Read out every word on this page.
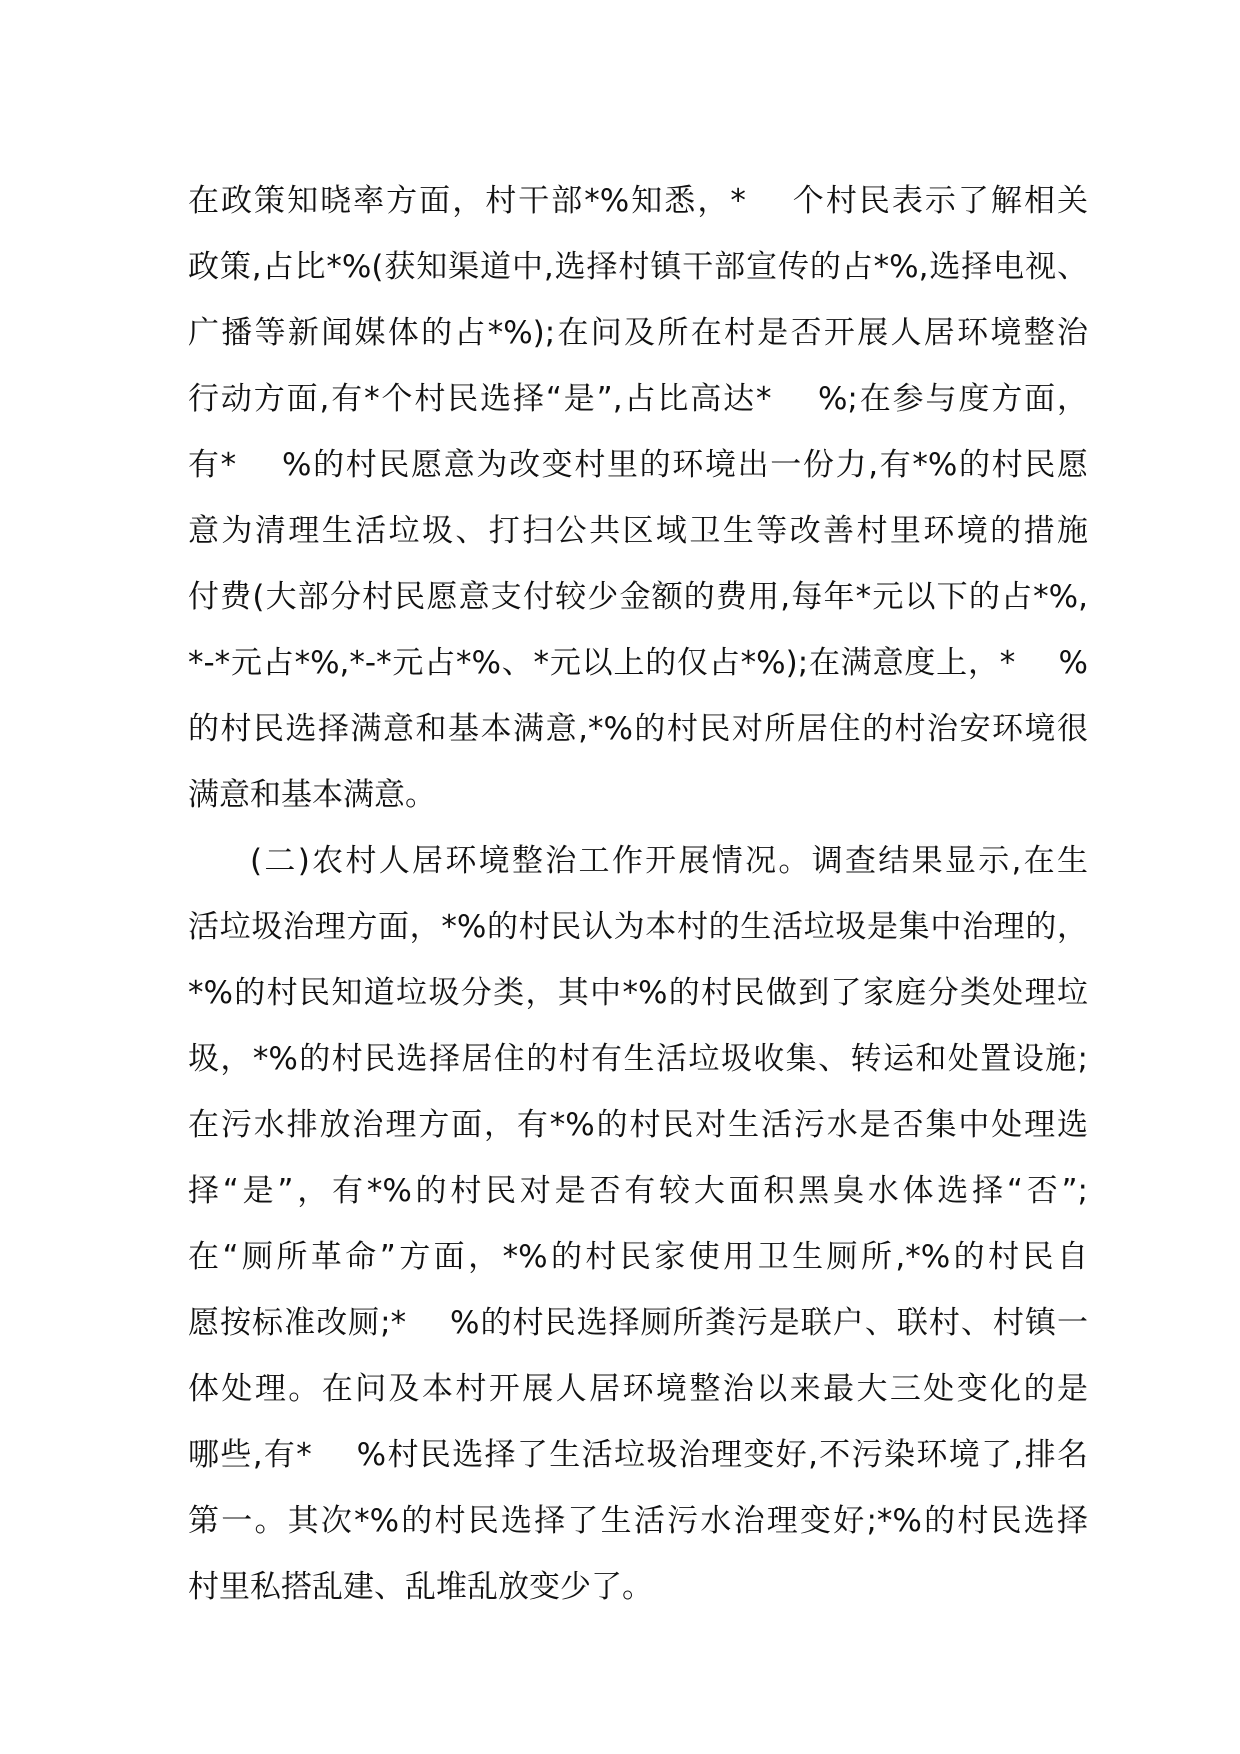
在政策知晓率方面，村干部*%知悉，*　 个村民表示了解相关
政策,占比*%(获知渠道中,选择村镇干部宣传的占*%,选择电视、
广播等新闻媒体的占*%);在问及所在村是否开展人居环境整治
行动方面,有*个村民选择“是”,占比高达*　 %;在参与度方面，
有*　 %的村民愿意为改变村里的环境出一份力,有*%的村民愿
意为清理生活垃圾、打扫公共区域卫生等改善村里环境的措施
付费(大部分村民愿意支付较少金额的费用,每年*元以下的占*%,
*-*元占*%,*-*元占*%、*元以上的仅占*%);在满意度上，*　 %
的村民选择满意和基本满意,*%的村民对所居住的村治安环境很
满意和基本满意。
(二)农村人居环境整治工作开展情况。调查结果显示,在生
活垃圾治理方面，*%的村民认为本村的生活垃圾是集中治理的，
*%的村民知道垃圾分类，其中*%的村民做到了家庭分类处理垃
圾，*%的村民选择居住的村有生活垃圾收集、转运和处置设施;
在污水排放治理方面，有*%的村民对生活污水是否集中处理选
择“是”，有*%的村民对是否有较大面积黑臭水体选择“否”;
在“厕所革命”方面，*%的村民家使用卫生厕所,*%的村民自
愿按标准改厕;*　 %的村民选择厕所粪污是联户、联村、村镇一
体处理。在问及本村开展人居环境整治以来最大三处变化的是
哪些,有*　 %村民选择了生活垃圾治理变好,不污染环境了,排名
第一。其次*%的村民选择了生活污水治理变好;*%的村民选择
村里私搭乱建、乱堆乱放变少了。
